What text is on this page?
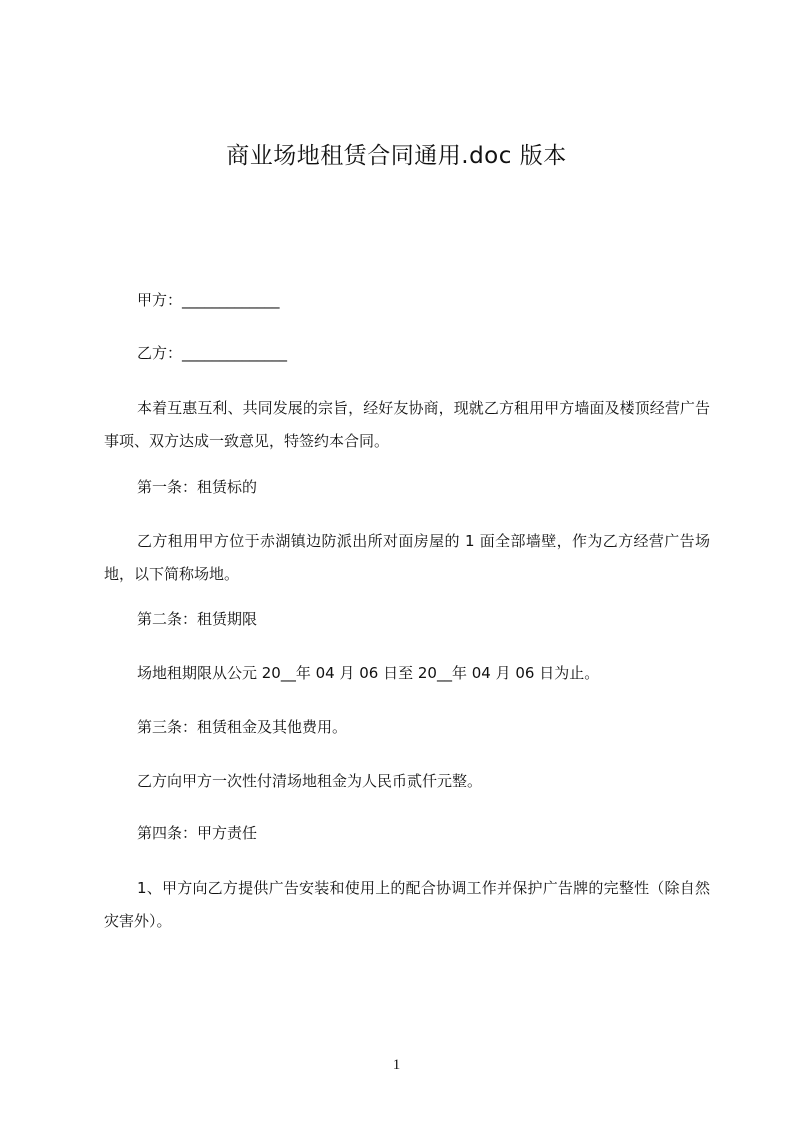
商业场地租赁合同通用.doc 版本
甲方：_____________
乙方：______________
本着互惠互利、共同发展的宗旨，经好友协商，现就乙方租用甲方墙面及楼顶经营广告事项、双方达成一致意见，特签约本合同。
第一条：租赁标的
乙方租用甲方位于赤湖镇边防派出所对面房屋的 1 面全部墙壁，作为乙方经营广告场地，以下简称场地。
第二条：租赁期限
场地租期限从公元 20__年 04 月 06 日至 20__年 04 月 06 日为止。
第三条：租赁租金及其他费用。
乙方向甲方一次性付清场地租金为人民币贰仟元整。
第四条：甲方责任
1、甲方向乙方提供广告安装和使用上的配合协调工作并保护广告牌的完整性（除自然灾害外）。
1
